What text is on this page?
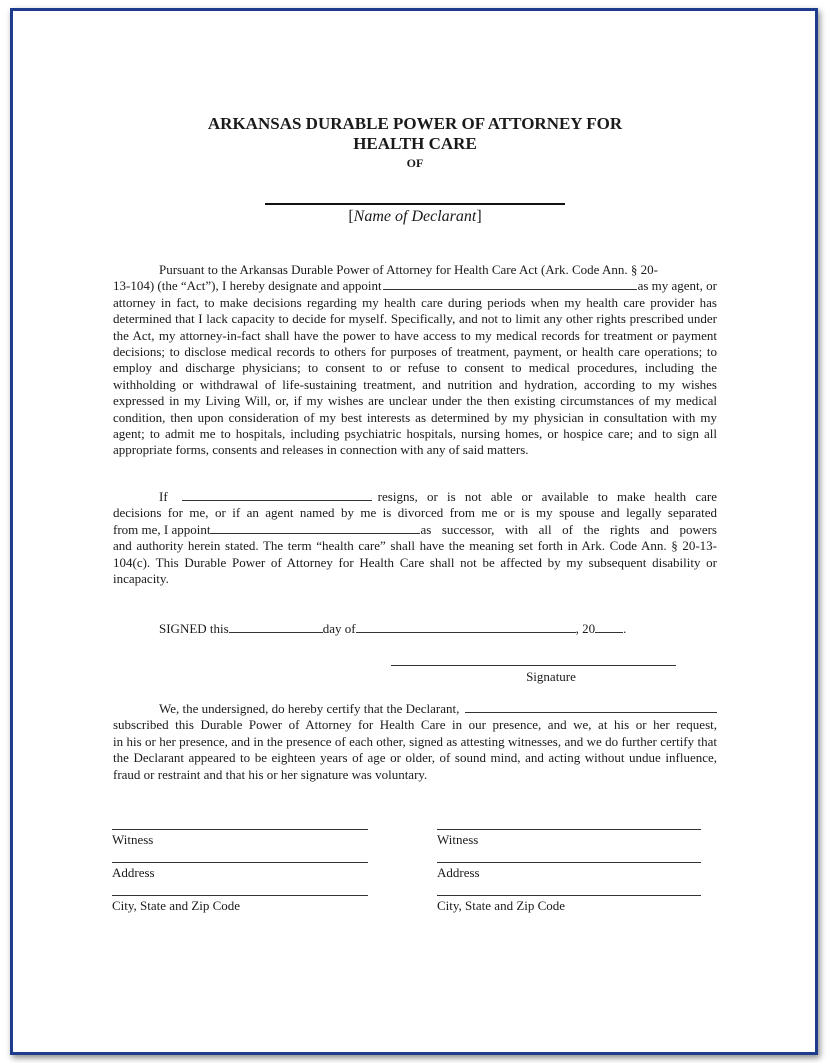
ARKANSAS DURABLE POWER OF ATTORNEY FOR
HEALTH CARE
OF
[Name of Declarant]
Pursuant to the Arkansas Durable Power of Attorney for Health Care Act (Ark. Code Ann. § 20-
13-104) (the “Act”), I hereby designate and appoint	as my agent, or
attorney in fact, to make decisions regarding my health care during periods when my health care provider has determined that I lack capacity to decide for myself. Specifically, and not to limit any other rights prescribed under the Act, my attorney-in-fact shall have the power to have access to my medical records for treatment or payment decisions; to disclose medical records to others for purposes of treatment, payment, or health care operations; to employ and discharge physicians; to consent to or refuse to consent to medical procedures, including the withholding or withdrawal of life-sustaining treatment, and nutrition and hydration, according to my wishes expressed in my Living Will, or, if my wishes are unclear under the then existing circumstances of my medical condition, then upon consideration of my best interests as determined by my physician in consultation with my agent; to admit me to hospitals, including psychiatric hospitals, nursing homes, or hospice care; and to sign all appropriate forms, consents and releases in connection with any of said matters.
If	resigns, or is not able or available to make health care
decisions for me, or if an agent named by me is divorced from me or is my spouse and legally separated
from me, I appoint	as successor, with all of the rights and powers
and authority herein stated. The term “health care” shall have the meaning set forth in Ark. Code Ann. § 20-13-104(c). This Durable Power of Attorney for Health Care shall not be affected by my subsequent disability or incapacity.
SIGNED this	day of	, 20 .
Signature
We, the undersigned, do hereby certify that the Declarant,
subscribed this Durable Power of Attorney for Health Care in our presence, and we, at his or her request,
in his or her presence, and in the presence of each other, signed as attesting witnesses, and we do further certify that the Declarant appeared to be eighteen years of age or older, of sound mind, and acting without undue influence, fraud or restraint and that his or her signature was voluntary.
Witness
Address
City, State and Zip Code
Witness
Address
City, State and Zip Code
